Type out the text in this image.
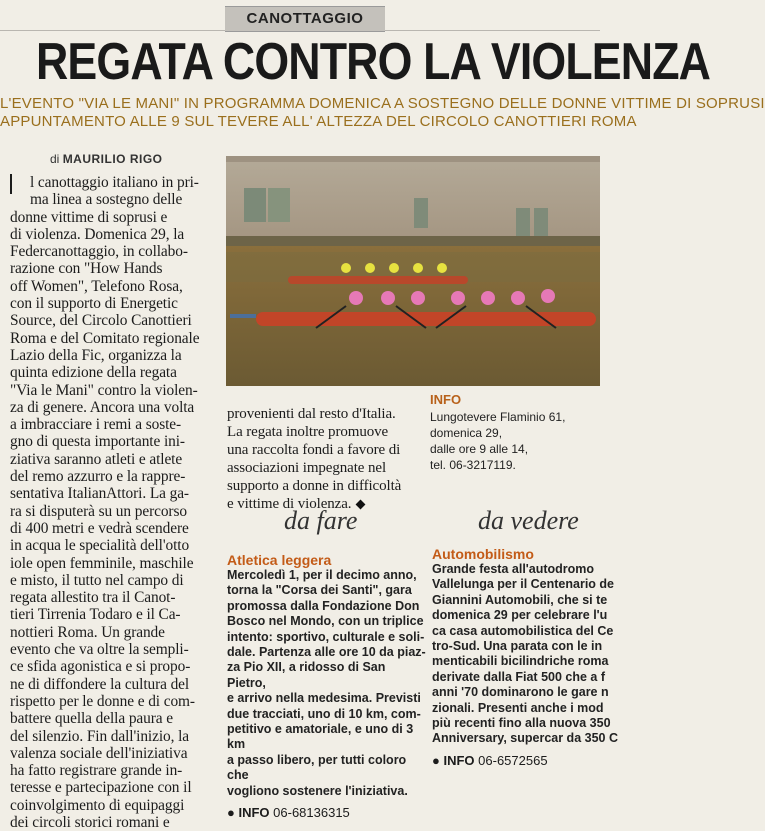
CANOTTAGGIO
REGATA CONTRO LA VIOLENZA
L'EVENTO "VIA LE MANI" IN PROGRAMMA DOMENICA A SOSTEGNO DELLE DONNE VITTIME DI SOPRUSI
APPUNTAMENTO ALLE 9 SUL TEVERE ALL' ALTEZZA DEL CIRCOLO CANOTTIERI ROMA
di MAURILIO RIGO
l canottaggio italiano in pri-
ma linea a sostegno delle
donne vittime di soprusi e
di violenza. Domenica 29, la
Federcanottaggio, in collabo-
razione con "How Hands
off Women", Telefono Rosa,
con il supporto di Energetic
Source, del Circolo Canottieri
Roma e del Comitato regionale
Lazio della Fic, organizza la
quinta edizione della regata
"Via le Mani" contro la violen-
za di genere. Ancora una volta
a imbracciare i remi a soste-
gno di questa importante ini-
ziativa saranno atleti e atlete
del remo azzurro e la rappre-
sentativa ItalianAttori. La ga-
ra si disputerà su un percorso
di 400 metri e vedrà scendere
in acqua le specialità dell'otto
iole open femminile, maschile
e misto, il tutto nel campo di
regata allestito tra il Canot-
tieri Tirrenia Todaro e il Ca-
nottieri Roma. Un grande
evento che va oltre la sempli-
ce sfida agonistica e si propo-
ne di diffondere la cultura del
rispetto per le donne e di com-
battere quella della paura e
del silenzio. Fin dall'inizio, la
valenza sociale dell'iniziativa
ha fatto registrare grande in-
teresse e partecipazione con il
coinvolgimento di equipaggi
dei circoli storici romani e
INFO
Lungotevere Flaminio 61,
domenica 29,
dalle ore 9 alle 14,
tel. 06-3217119.
provenienti dal resto d'Italia.
La regata inoltre promuove
una raccolta fondi a favore di
associazioni impegnate nel
supporto a donne in difficoltà
e vittime di violenza.
da fare
Atletica leggera
Mercoledì 1, per il decimo anno,
torna la "Corsa dei Santi", gara
promossa dalla Fondazione Don
Bosco nel Mondo, con un triplice
intento: sportivo, culturale e soli-
dale. Partenza alle ore 10 da piaz-
za Pio XII, a ridosso di San Pietro,
e arrivo nella medesima. Previsti
due tracciati, uno di 10 km, com-
petitivo e amatoriale, e uno di 3 km
a passo libero, per tutti coloro che
vogliono sostenere l'iniziativa.
● INFO 06-68136315
da vedere
Automobilismo
Grande festa all'autodromo
Vallelunga per il Centenario de
Giannini Automobili, che si te
domenica 29 per celebrare l'u
ca casa automobilistica del Ce
tro-Sud. Una parata con le in
menticabili bicilindriche roma
derivate dalla Fiat 500 che a f
anni '70 dominarono le gare n
zionali. Presenti anche i mod
più recenti fino alla nuova 350
Anniversary, supercar da 350 C
● INFO 06-6572565
